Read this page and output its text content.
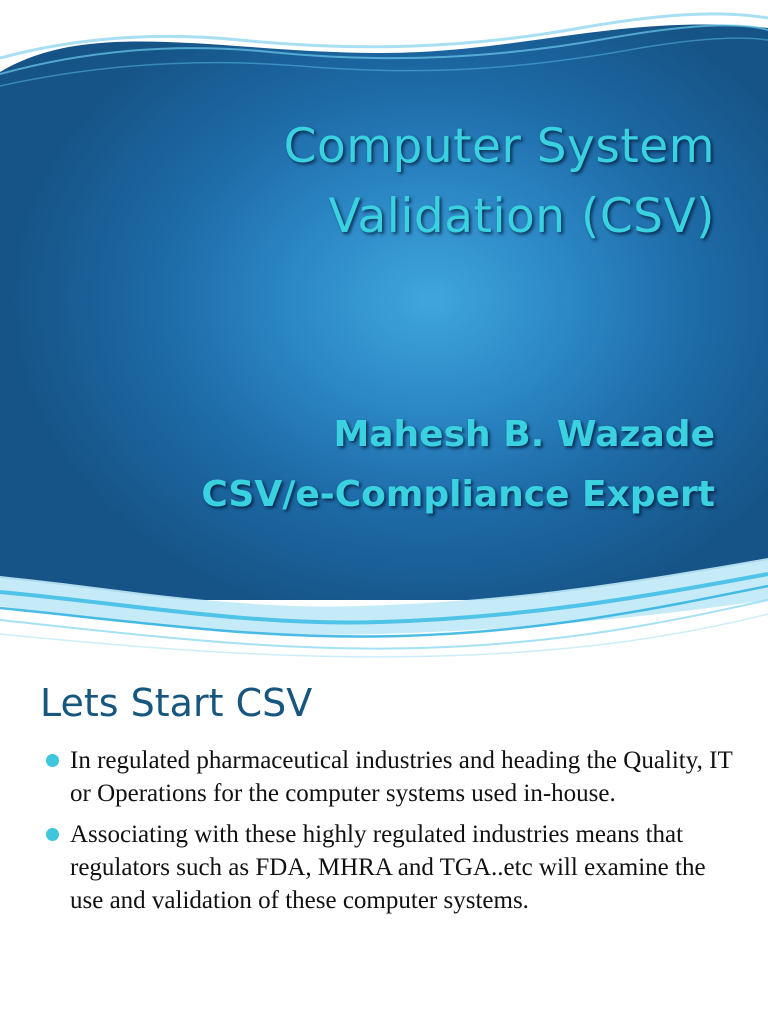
Computer System
Validation (CSV)
Mahesh B. Wazade
CSV/e-Compliance Expert
Lets Start CSV
In regulated pharmaceutical industries and heading the Quality, IT or Operations for the computer systems used in-house.
Associating with these highly regulated industries means that regulators such as FDA, MHRA and TGA..etc will examine the use and validation of these computer systems.
